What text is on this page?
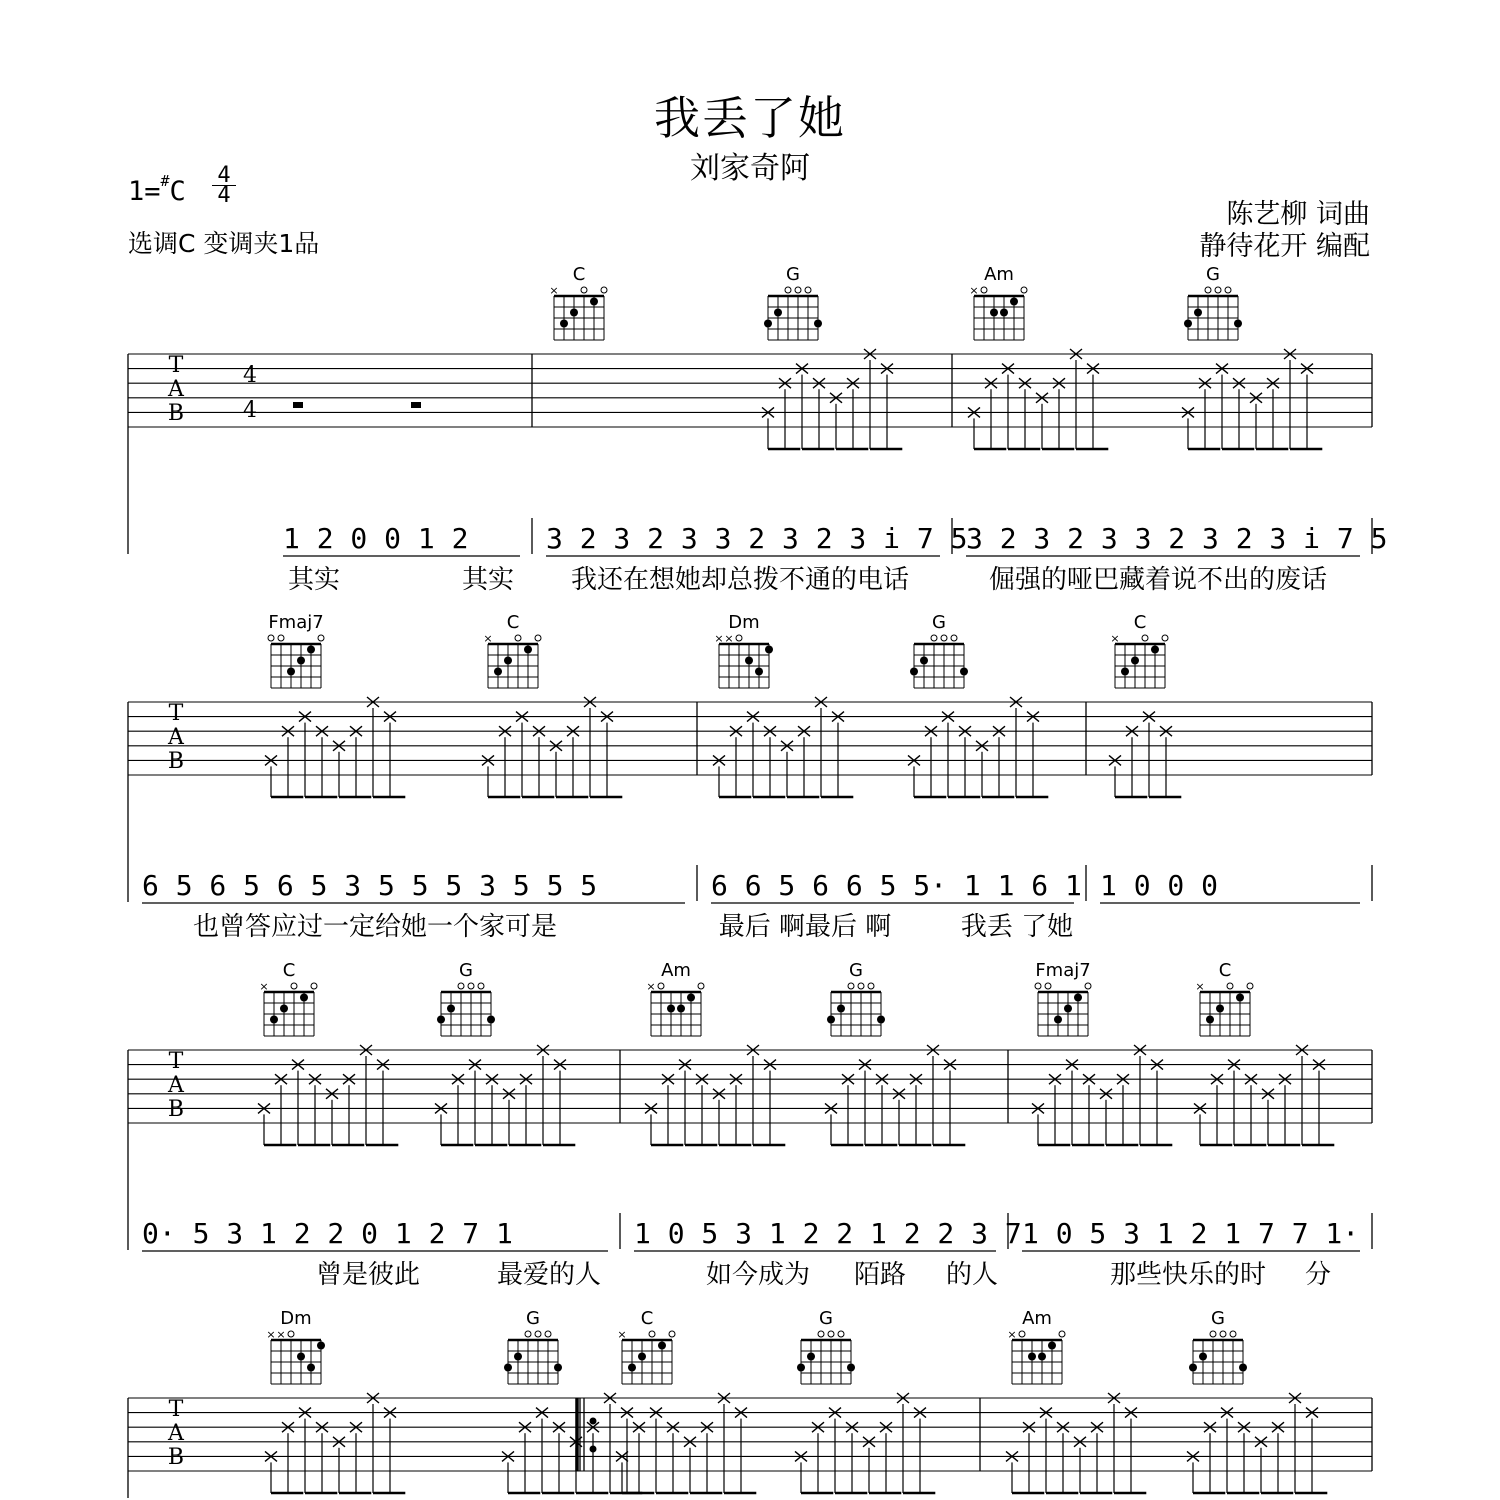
我丢了她
刘家奇阿
1=#C
4
4
选调C 变调夹1品
陈艺柳 词曲
静待花开 编配
T
A
B
C
×
G	Am
×
G
4
4
1 2 0 0 1 2	3 2 3 2 3 3 2 3 2 3 i 7 5
3 2 3 2 3 3 2 3 2 3 i 7 5
其实	其实 我还在想她却总拨不通的电话	倔强的哑巴藏着说不出的废话
T
A
B
Fmaj7	C
×
Dm
× ×
G	C
×
6 5 6 5 6 5 3 5 5 5 3 5 5 5	6 6 5 6 6 5 5· 1 1 6 1 1 0 0 0
也曾答应过一定给她一个家可是	最后 啊最后 啊	我丢 了她
T
A
B
C
×
G	Am
×
G	Fmaj7	C
×
0· 5 3 1 2 2 0 1 2 7 1	1 0 5 3 1 2 2 1 2 2 3 7 1 0 5 3 1 2 1 7 7 1·
曾是彼此	最爱的人	如今成为 陌路 的人	那些快乐的时 分
T
A
B
Dm
× ×
G	C
×
G	Am
×
G
